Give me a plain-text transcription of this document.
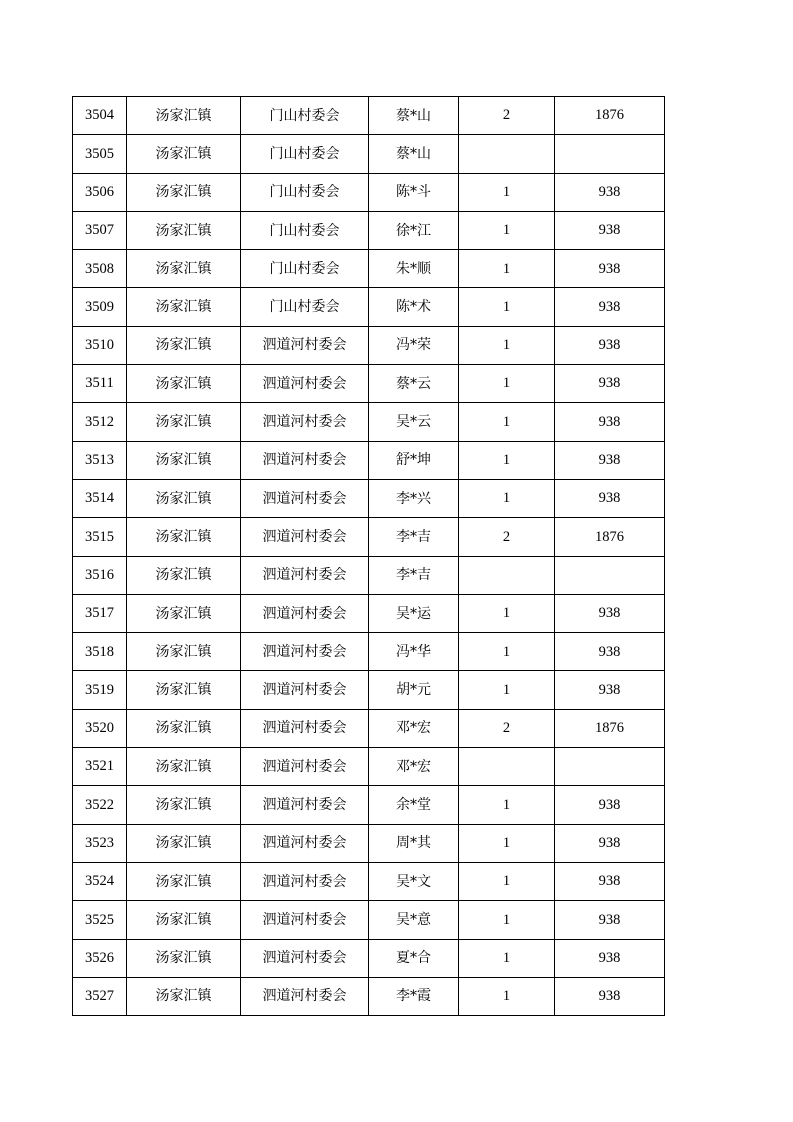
3504	汤家汇镇	门山村委会	蔡*山	2	1876
3505	汤家汇镇	门山村委会	蔡*山		
3506	汤家汇镇	门山村委会	陈*斗	1	938
3507	汤家汇镇	门山村委会	徐*江	1	938
3508	汤家汇镇	门山村委会	朱*顺	1	938
3509	汤家汇镇	门山村委会	陈*术	1	938
3510	汤家汇镇	泗道河村委会	冯*荣	1	938
3511	汤家汇镇	泗道河村委会	蔡*云	1	938
3512	汤家汇镇	泗道河村委会	吴*云	1	938
3513	汤家汇镇	泗道河村委会	舒*坤	1	938
3514	汤家汇镇	泗道河村委会	李*兴	1	938
3515	汤家汇镇	泗道河村委会	李*吉	2	1876
3516	汤家汇镇	泗道河村委会	李*吉		
3517	汤家汇镇	泗道河村委会	吴*运	1	938
3518	汤家汇镇	泗道河村委会	冯*华	1	938
3519	汤家汇镇	泗道河村委会	胡*元	1	938
3520	汤家汇镇	泗道河村委会	邓*宏	2	1876
3521	汤家汇镇	泗道河村委会	邓*宏		
3522	汤家汇镇	泗道河村委会	余*堂	1	938
3523	汤家汇镇	泗道河村委会	周*其	1	938
3524	汤家汇镇	泗道河村委会	吴*文	1	938
3525	汤家汇镇	泗道河村委会	吴*意	1	938
3526	汤家汇镇	泗道河村委会	夏*合	1	938
3527	汤家汇镇	泗道河村委会	李*霞	1	938
